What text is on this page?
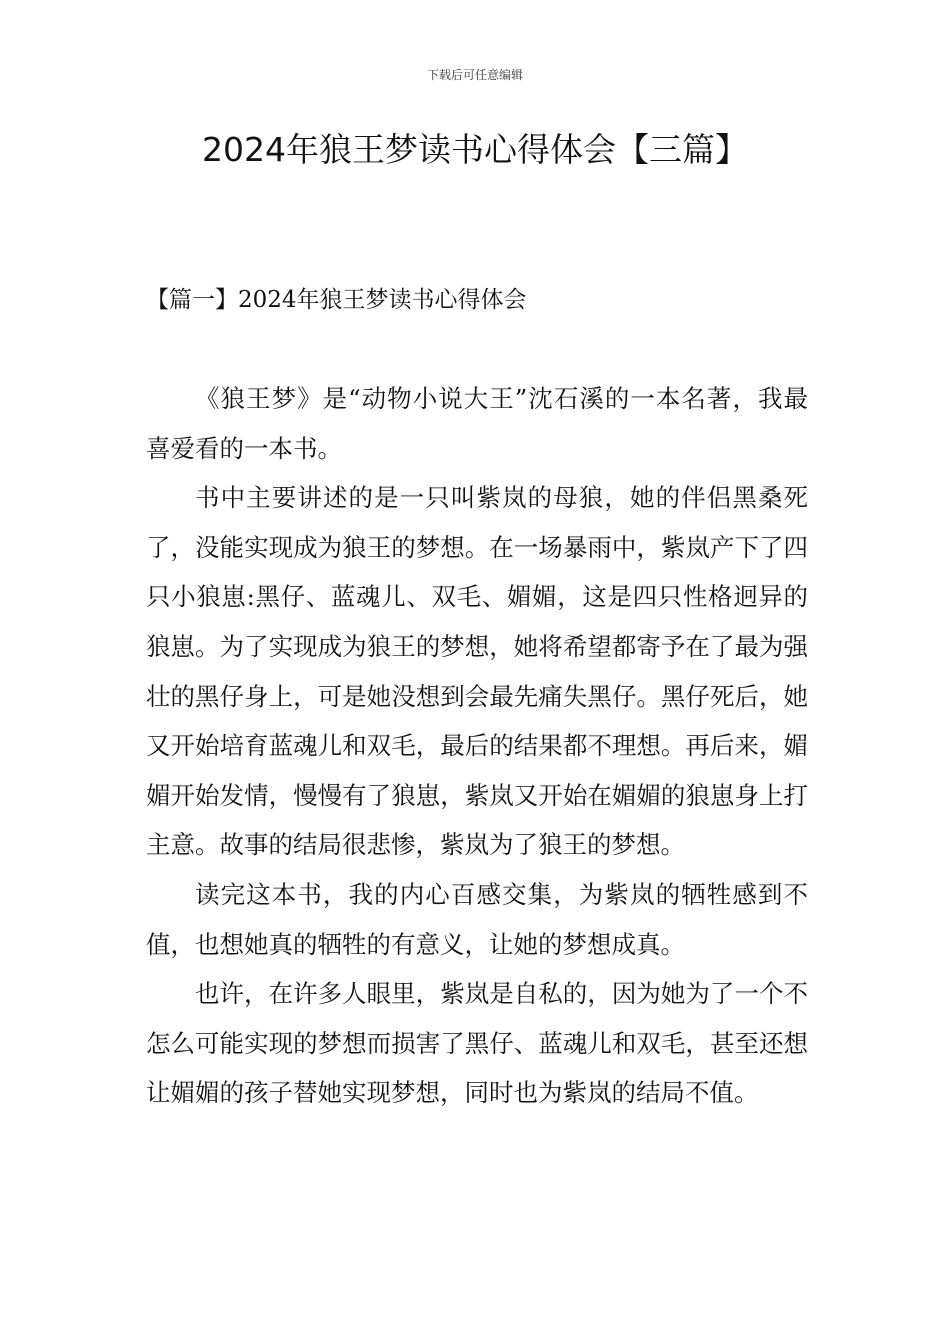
下载后可任意编辑
2024年狼王梦读书心得体会【三篇】
【篇一】2024年狼王梦读书心得体会

《狼王梦》是“动物小说大王”沈石溪的一本名著，我最喜爱看的一本书。

书中主要讲述的是一只叫紫岚的母狼，她的伴侣黑桑死了，没能实现成为狼王的梦想。在一场暴雨中，紫岚产下了四只小狼崽:黑仔、蓝魂儿、双毛、媚媚，这是四只性格迥异的狼崽。为了实现成为狼王的梦想，她将希望都寄予在了最为强壮的黑仔身上，可是她没想到会最先痛失黑仔。黑仔死后，她又开始培育蓝魂儿和双毛，最后的结果都不理想。再后来，媚媚开始发情，慢慢有了狼崽，紫岚又开始在媚媚的狼崽身上打主意。故事的结局很悲惨，紫岚为了狼王的梦想。

读完这本书，我的内心百感交集，为紫岚的牺牲感到不值，也想她真的牺牲的有意义，让她的梦想成真。

也许，在许多人眼里，紫岚是自私的，因为她为了一个不怎么可能实现的梦想而损害了黑仔、蓝魂儿和双毛，甚至还想让媚媚的孩子替她实现梦想，同时也为紫岚的结局不值。
